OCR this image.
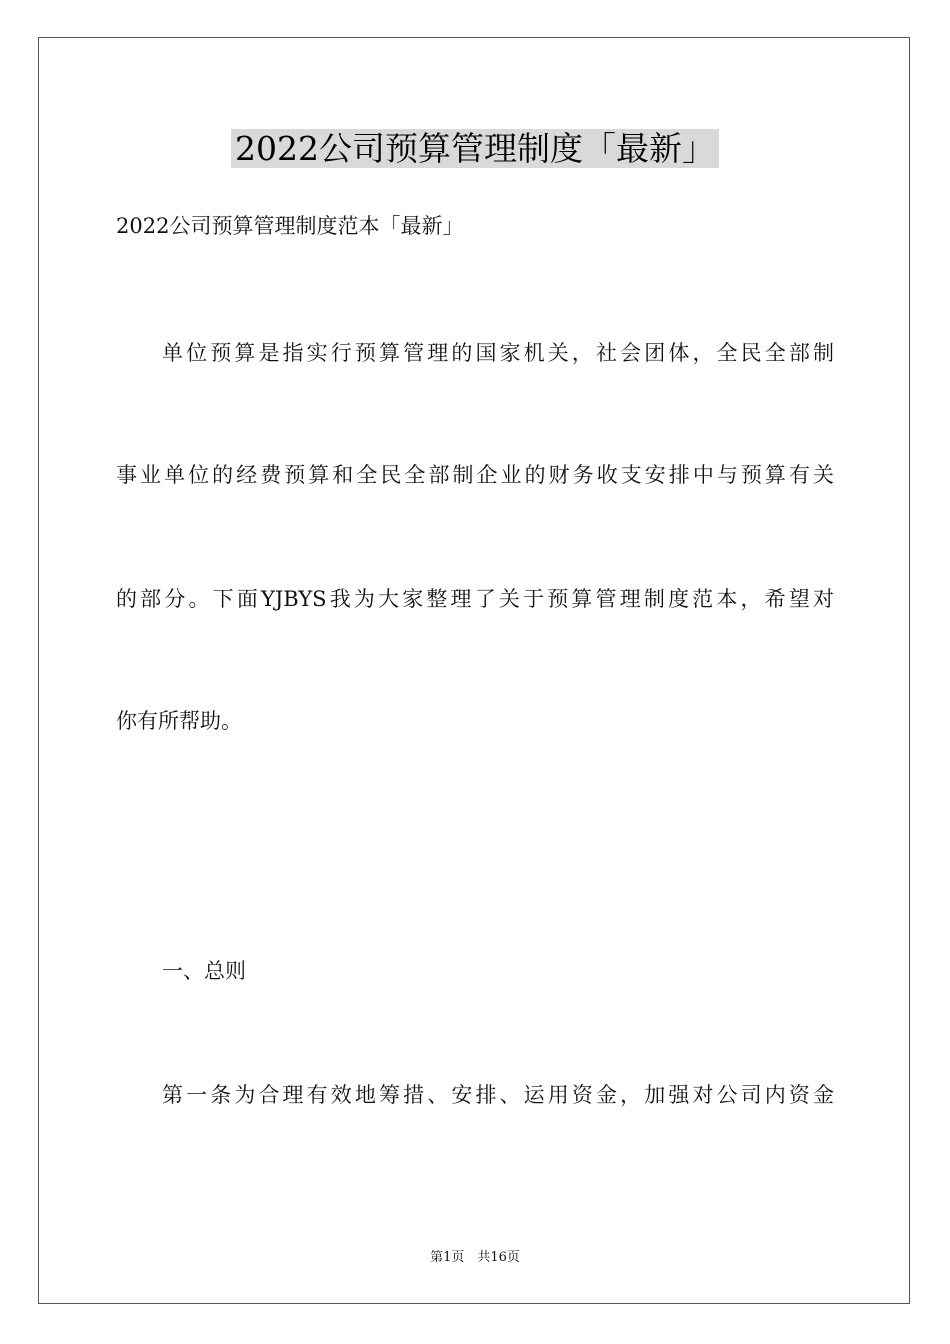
2022公司预算管理制度「最新」
2022公司预算管理制度范本「最新」
单位预算是指实行预算管理的国家机关，社会团体，全民全部制
事业单位的经费预算和全民全部制企业的财务收支安排中与预算有关
的部分。下面YJBYS我为大家整理了关于预算管理制度范本，希望对
你有所帮助。
一、总则
第一条为合理有效地筹措、安排、运用资金，加强对公司内资金
第1页　共16页
